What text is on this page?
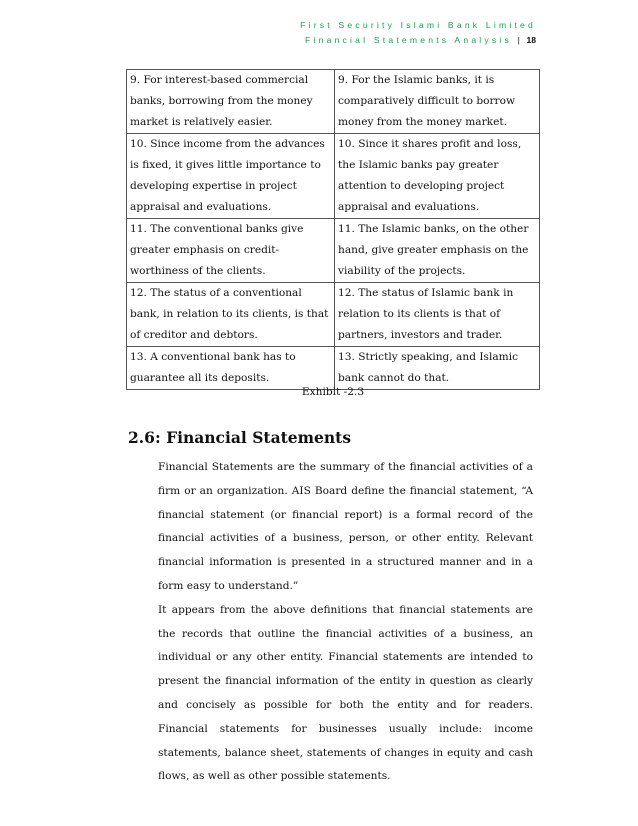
First Security Islami Bank Limited
Financial Statements Analysis | 18
9. For interest-based commercial banks, borrowing from the money market is relatively easier.	9. For the Islamic banks, it is comparatively difficult to borrow money from the money market.
10. Since income from the advances is fixed, it gives little importance to developing expertise in project appraisal and evaluations.	10. Since it shares profit and loss, the Islamic banks pay greater attention to developing project appraisal and evaluations.
11. The conventional banks give greater emphasis on credit-worthiness of the clients.	11. The Islamic banks, on the other hand, give greater emphasis on the viability of the projects.
12. The status of a conventional bank, in relation to its clients, is that of creditor and debtors.	12. The status of Islamic bank in relation to its clients is that of partners, investors and trader.
13. A conventional bank has to guarantee all its deposits.	13. Strictly speaking, and Islamic bank cannot do that.
Exhibit -2.3
2.6: Financial Statements

Financial Statements are the summary of the financial activities of a firm or an organization. AIS Board define the financial statement, “A financial statement (or financial report) is a formal record of the financial activities of a business, person, or other entity. Relevant financial information is presented in a structured manner and in a form easy to understand.”

It appears from the above definitions that financial statements are the records that outline the financial activities of a business, an individual or any other entity. Financial statements are intended to present the financial information of the entity in question as clearly and concisely as possible for both the entity and for readers. Financial statements for businesses usually include: income statements, balance sheet, statements of changes in equity and cash flows, as well as other possible statements.
